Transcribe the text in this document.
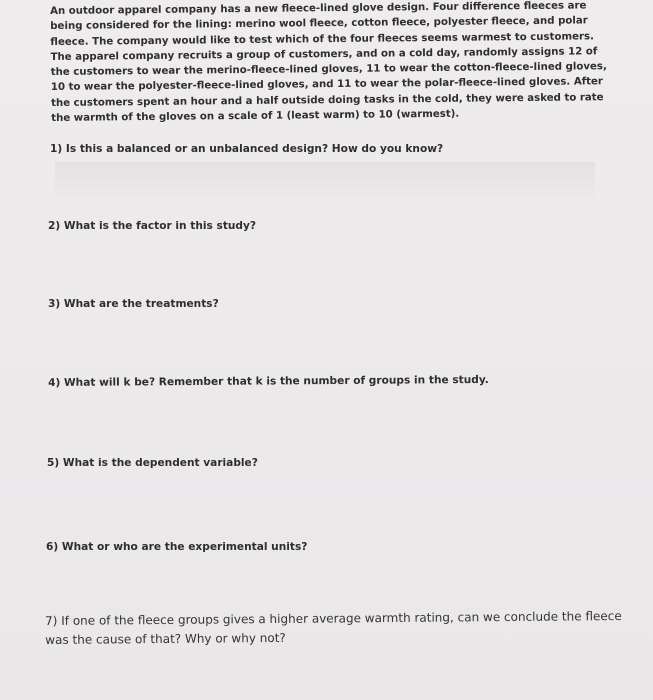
An outdoor apparel company has a new fleece-lined glove design. Four difference fleeces are being considered for the lining: merino wool fleece, cotton fleece, polyester fleece, and polar fleece. The company would like to test which of the four fleeces seems warmest to customers. The apparel company recruits a group of customers, and on a cold day, randomly assigns 12 of the customers to wear the merino-fleece-lined gloves, 11 to wear the cotton-fleece-lined gloves, 10 to wear the polyester-fleece-lined gloves, and 11 to wear the polar-fleece-lined gloves. After the customers spent an hour and a half outside doing tasks in the cold, they were asked to rate the warmth of the gloves on a scale of 1 (least warm) to 10 (warmest).
1) Is this a balanced or an unbalanced design? How do you know?
2) What is the factor in this study?
3) What are the treatments?
4) What will k be? Remember that k is the number of groups in the study.
5) What is the dependent variable?
6) What or who are the experimental units?
7) If one of the fleece groups gives a higher average warmth rating, can we conclude the fleece was the cause of that? Why or why not?
